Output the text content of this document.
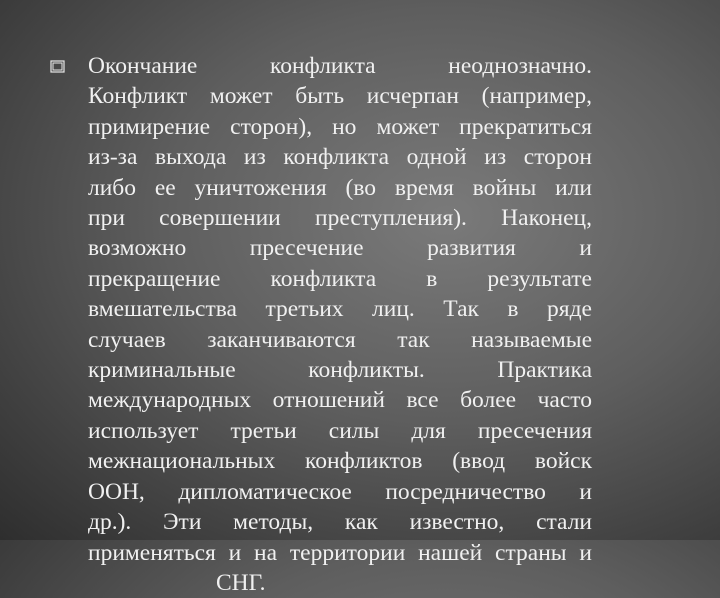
Окончание конфликта неоднозначно.
Конфликт может быть исчерпан (например,
примирение сторон), но может прекратиться
из-за выхода из конфликта одной из сторон
либо ее уничтожения (во время войны или
при совершении преступления). Наконец,
возможно пресечение развития и
прекращение конфликта в результате
вмешательства третьих лиц. Так в ряде
случаев заканчиваются так называемые
криминальные конфликты. Практика
международных отношений все более часто
использует третьи силы для пресечения
межнациональных конфликтов (ввод войск
ООН, дипломатическое посредничество и
др.). Эти методы, как известно, стали
применяться и на территории нашей страны и
СНГ.
